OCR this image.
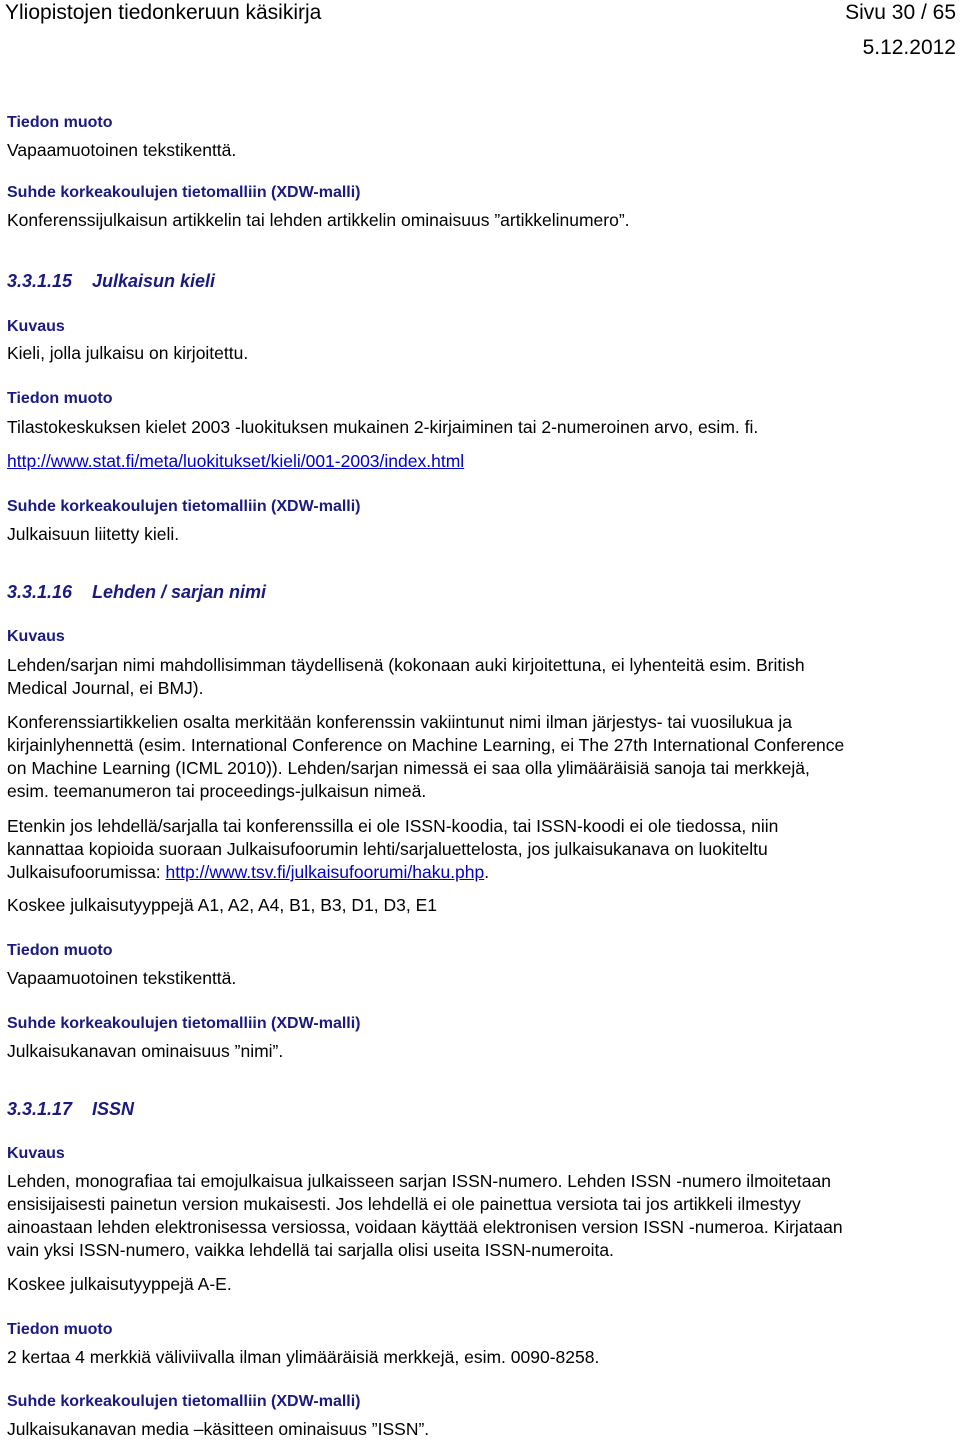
Yliopistojen tiedonkeruun käsikirja	Sivu 30 / 65
5.12.2012
Tiedon muoto
Vapaamuotoinen tekstikenttä.
Suhde korkeakoulujen tietomalliin (XDW-malli)
Konferenssijulkaisun artikkelin tai lehden artikkelin ominaisuus ”artikkelinumero”.
3.3.1.15 Julkaisun kieli
Kuvaus
Kieli, jolla julkaisu on kirjoitettu.
Tiedon muoto
Tilastokeskuksen kielet 2003 -luokituksen mukainen 2-kirjaiminen tai 2-numeroinen arvo, esim. fi.
http://www.stat.fi/meta/luokitukset/kieli/001-2003/index.html
Suhde korkeakoulujen tietomalliin (XDW-malli)
Julkaisuun liitetty kieli.
3.3.1.16 Lehden / sarjan nimi
Kuvaus
Lehden/sarjan nimi mahdollisimman täydellisenä (kokonaan auki kirjoitettuna, ei lyhenteitä esim. British
Medical Journal, ei BMJ).
Konferenssiartikkelien osalta merkitään konferenssin vakiintunut nimi ilman järjestys- tai vuosilukua ja
kirjainlyhennettä (esim. International Conference on Machine Learning, ei The 27th International Conference
on Machine Learning (ICML 2010)). Lehden/sarjan nimessä ei saa olla ylimääräisiä sanoja tai merkkejä,
esim. teemanumeron tai proceedings-julkaisun nimeä.
Etenkin jos lehdellä/sarjalla tai konferenssilla ei ole ISSN-koodia, tai ISSN-koodi ei ole tiedossa, niin
kannattaa kopioida suoraan Julkaisufoorumin lehti/sarjaluettelosta, jos julkaisukanava on luokiteltu
Julkaisufoorumissa: http://www.tsv.fi/julkaisufoorumi/haku.php.
Koskee julkaisutyyppejä A1, A2, A4, B1, B3, D1, D3, E1
Tiedon muoto
Vapaamuotoinen tekstikenttä.
Suhde korkeakoulujen tietomalliin (XDW-malli)
Julkaisukanavan ominaisuus ”nimi”.
3.3.1.17 ISSN
Kuvaus
Lehden, monografiaa tai emojulkaisua julkaisseen sarjan ISSN-numero. Lehden ISSN -numero ilmoitetaan
ensisijaisesti painetun version mukaisesti. Jos lehdellä ei ole painettua versiota tai jos artikkeli ilmestyy
ainoastaan lehden elektronisessa versiossa, voidaan käyttää elektronisen version ISSN -numeroa. Kirjataan
vain yksi ISSN-numero, vaikka lehdellä tai sarjalla olisi useita ISSN-numeroita.
Koskee julkaisutyyppejä A-E.
Tiedon muoto
2 kertaa 4 merkkiä väliviivalla ilman ylimääräisiä merkkejä, esim. 0090-8258.
Suhde korkeakoulujen tietomalliin (XDW-malli)
Julkaisukanavan media –käsitteen ominaisuus ”ISSN”.
